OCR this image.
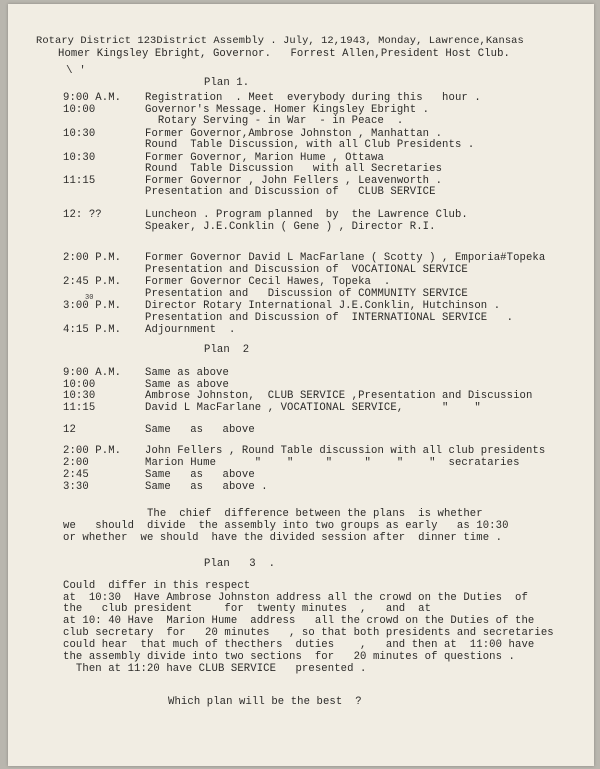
Rotary District 123District Assembly . July, 12,1943, Monday, Lawrence,Kansas
Homer Kingsley Ebright, Governor.   Forrest Allen,President Host Club.
\ '
Plan 1.
9:00 A.M. Registration  . Meet  everybody during this   hour .
10:00	Governor's Message. Homer Kingsley Ebright .
Rotary Serving - in War  - in Peace  .
10:30	Former Governor,Ambrose Johnston , Manhattan .
Round  Table Discussion, with all Club Presidents .
10:30	Former Governor, Marion Hume , Ottawa
Round  Table Discussion   with all Secretaries
11:15	Former Governor , John Fellers , Leavenworth .
Presentation and Discussion of   CLUB SERVICE
12: ??	Luncheon . Program planned  by  the Lawrence Club.
Speaker, J.E.Conklin ( Gene ) , Director R.I.
2:00 P.M. Former Governor David L MacFarlane ( Scotty ) , Emporia#Topeka
Presentation and Discussion of  VOCATIONAL SERVICE
2:45 P.M. Former Governor Cecil Hawes, Topeka  .
Presentation and   Discussion of COMMUNITY SERVICE
3:00 P.M. Director Rotary International J.E.Conklin, Hutchinson .
Presentation and Discussion of  INTERNATIONAL SERVICE   .
4:15 P.M. Adjournment  .
30
Plan  2
9:00 A.M. Same as above
10:00	Same as above
10:30	Ambrose Johnston,  CLUB SERVICE ,Presentation and Discussion
11:15	David L MacFarlane , VOCATIONAL SERVICE,      "    "
12	Same   as   above
2:00 P.M. John Fellers , Round Table discussion with all club presidents
2:00	Marion Hume      "    "     "     "    "    "  secrataries
2:45	Same   as   above
3:30	Same   as   above .
The  chief  difference between the plans  is whether
we   should  divide  the assembly into two groups as early   as 10:30
or whether  we should  have the divided session after  dinner time .
Plan   3  .
Could  differ in this respect
at  10:30  Have Ambrose Johnston address all the crowd on the Duties  of
the   club president     for  twenty minutes  ,   and  at
at 10: 40 Have  Marion Hume  address   all the crowd on the Duties of the
club secretary  for   20 minutes   , so that both presidents and secretaries
could hear  that much of thecthers  duties    ,   and then at  11:00 have
the assembly divide into two sections  for   20 minutes of questions .
Then at 11:20 have CLUB SERVICE   presented .
Which plan will be the best  ?
